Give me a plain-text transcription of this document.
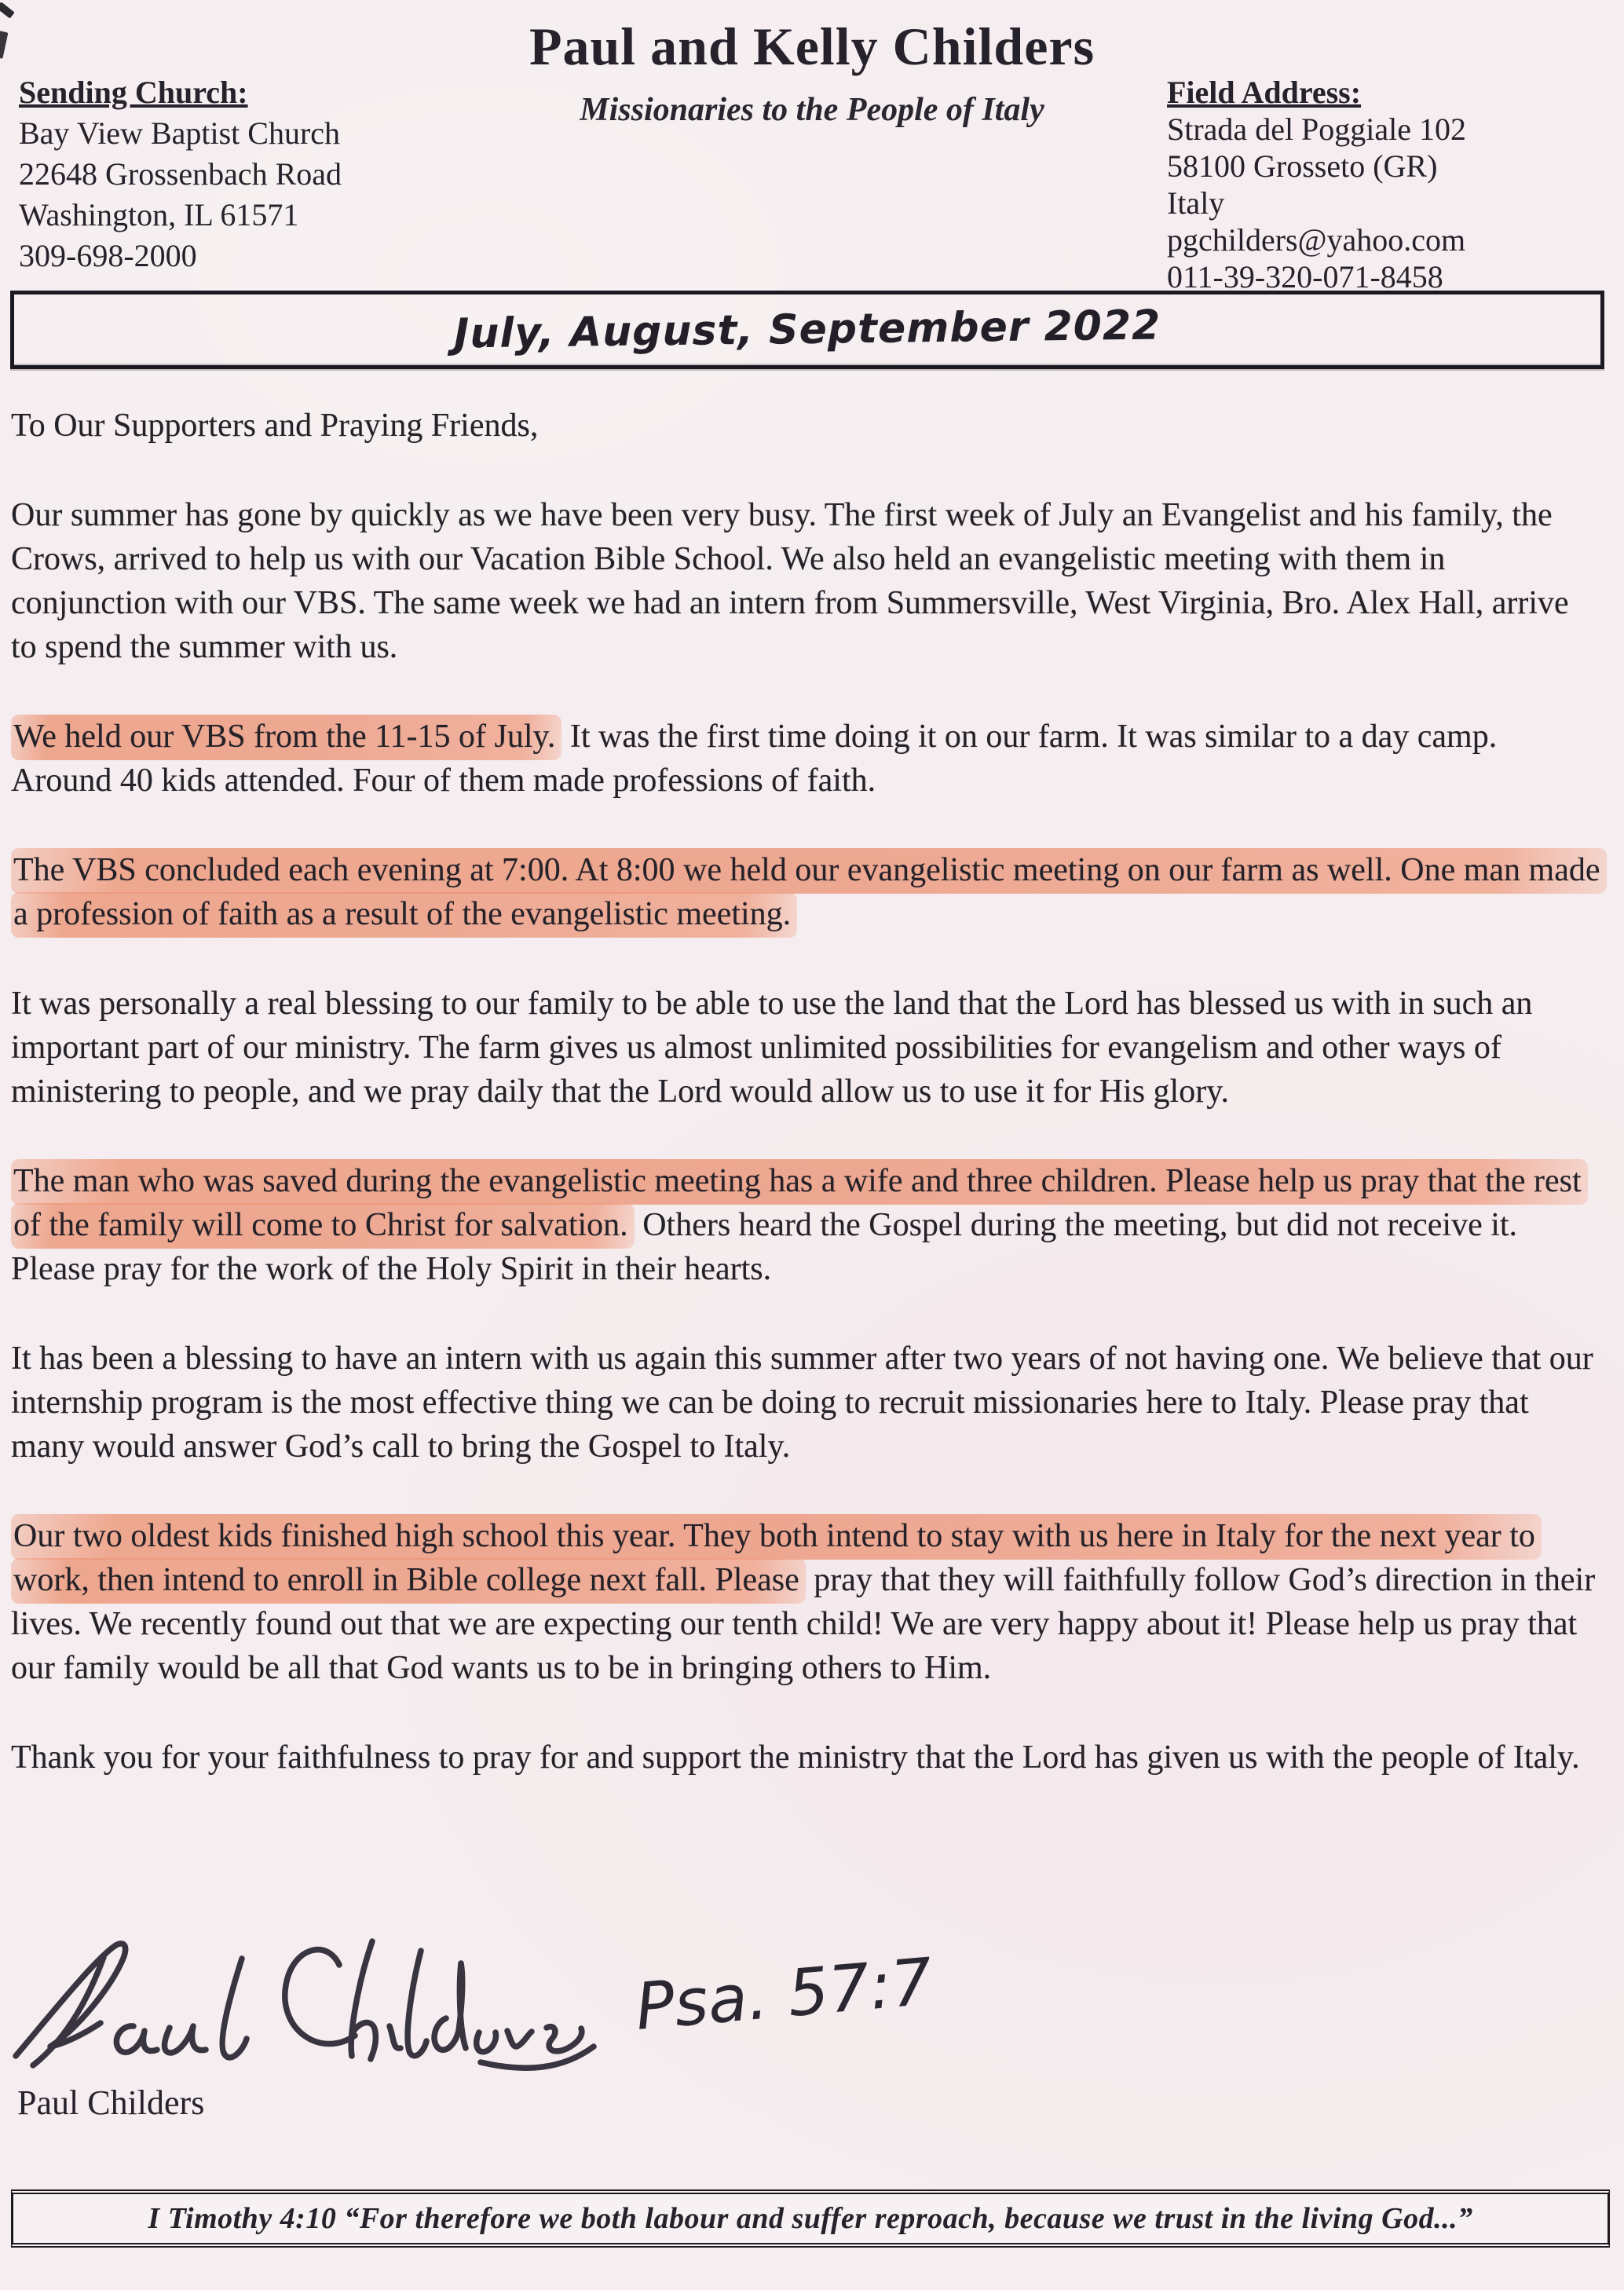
Paul and Kelly Childers
Missionaries to the People of Italy
Sending Church:
Bay View Baptist Church
22648 Grossenbach Road
Washington, IL 61571
309-698-2000
Field Address:
Strada del Poggiale 102
58100 Grosseto (GR)
Italy
pgchilders@yahoo.com
011-39-320-071-8458
July, August, September 2022

To Our Supporters and Praying Friends,

Our summer has gone by quickly as we have been very busy. The first week of July an Evangelist and his family, the Crows, arrived to help us with our Vacation Bible School. We also held an evangelistic meeting with them in conjunction with our VBS. The same week we had an intern from Summersville, West Virginia, Bro. Alex Hall, arrive to spend the summer with us.

We held our VBS from the 11-15 of July. It was the first time doing it on our farm. It was similar to a day camp. Around 40 kids attended. Four of them made professions of faith.

The VBS concluded each evening at 7:00. At 8:00 we held our evangelistic meeting on our farm as well. One man made a profession of faith as a result of the evangelistic meeting.

It was personally a real blessing to our family to be able to use the land that the Lord has blessed us with in such an important part of our ministry. The farm gives us almost unlimited possibilities for evangelism and other ways of ministering to people, and we pray daily that the Lord would allow us to use it for His glory.

The man who was saved during the evangelistic meeting has a wife and three children. Please help us pray that the rest of the family will come to Christ for salvation. Others heard the Gospel during the meeting, but did not receive it. Please pray for the work of the Holy Spirit in their hearts.

It has been a blessing to have an intern with us again this summer after two years of not having one. We believe that our internship program is the most effective thing we can be doing to recruit missionaries here to Italy. Please pray that many would answer God’s call to bring the Gospel to Italy.

Our two oldest kids finished high school this year. They both intend to stay with us here in Italy for the next year to work, then intend to enroll in Bible college next fall. Please pray that they will faithfully follow God’s direction in their lives. We recently found out that we are expecting our tenth child! We are very happy about it! Please help us pray that our family would be all that God wants us to be in bringing others to Him.

Thank you for your faithfulness to pray for and support the ministry that the Lord has given us with the people of Italy.

Psa. 57:7
Paul Childers
I Timothy 4:10 “For therefore we both labour and suffer reproach, because we trust in the living God...”
